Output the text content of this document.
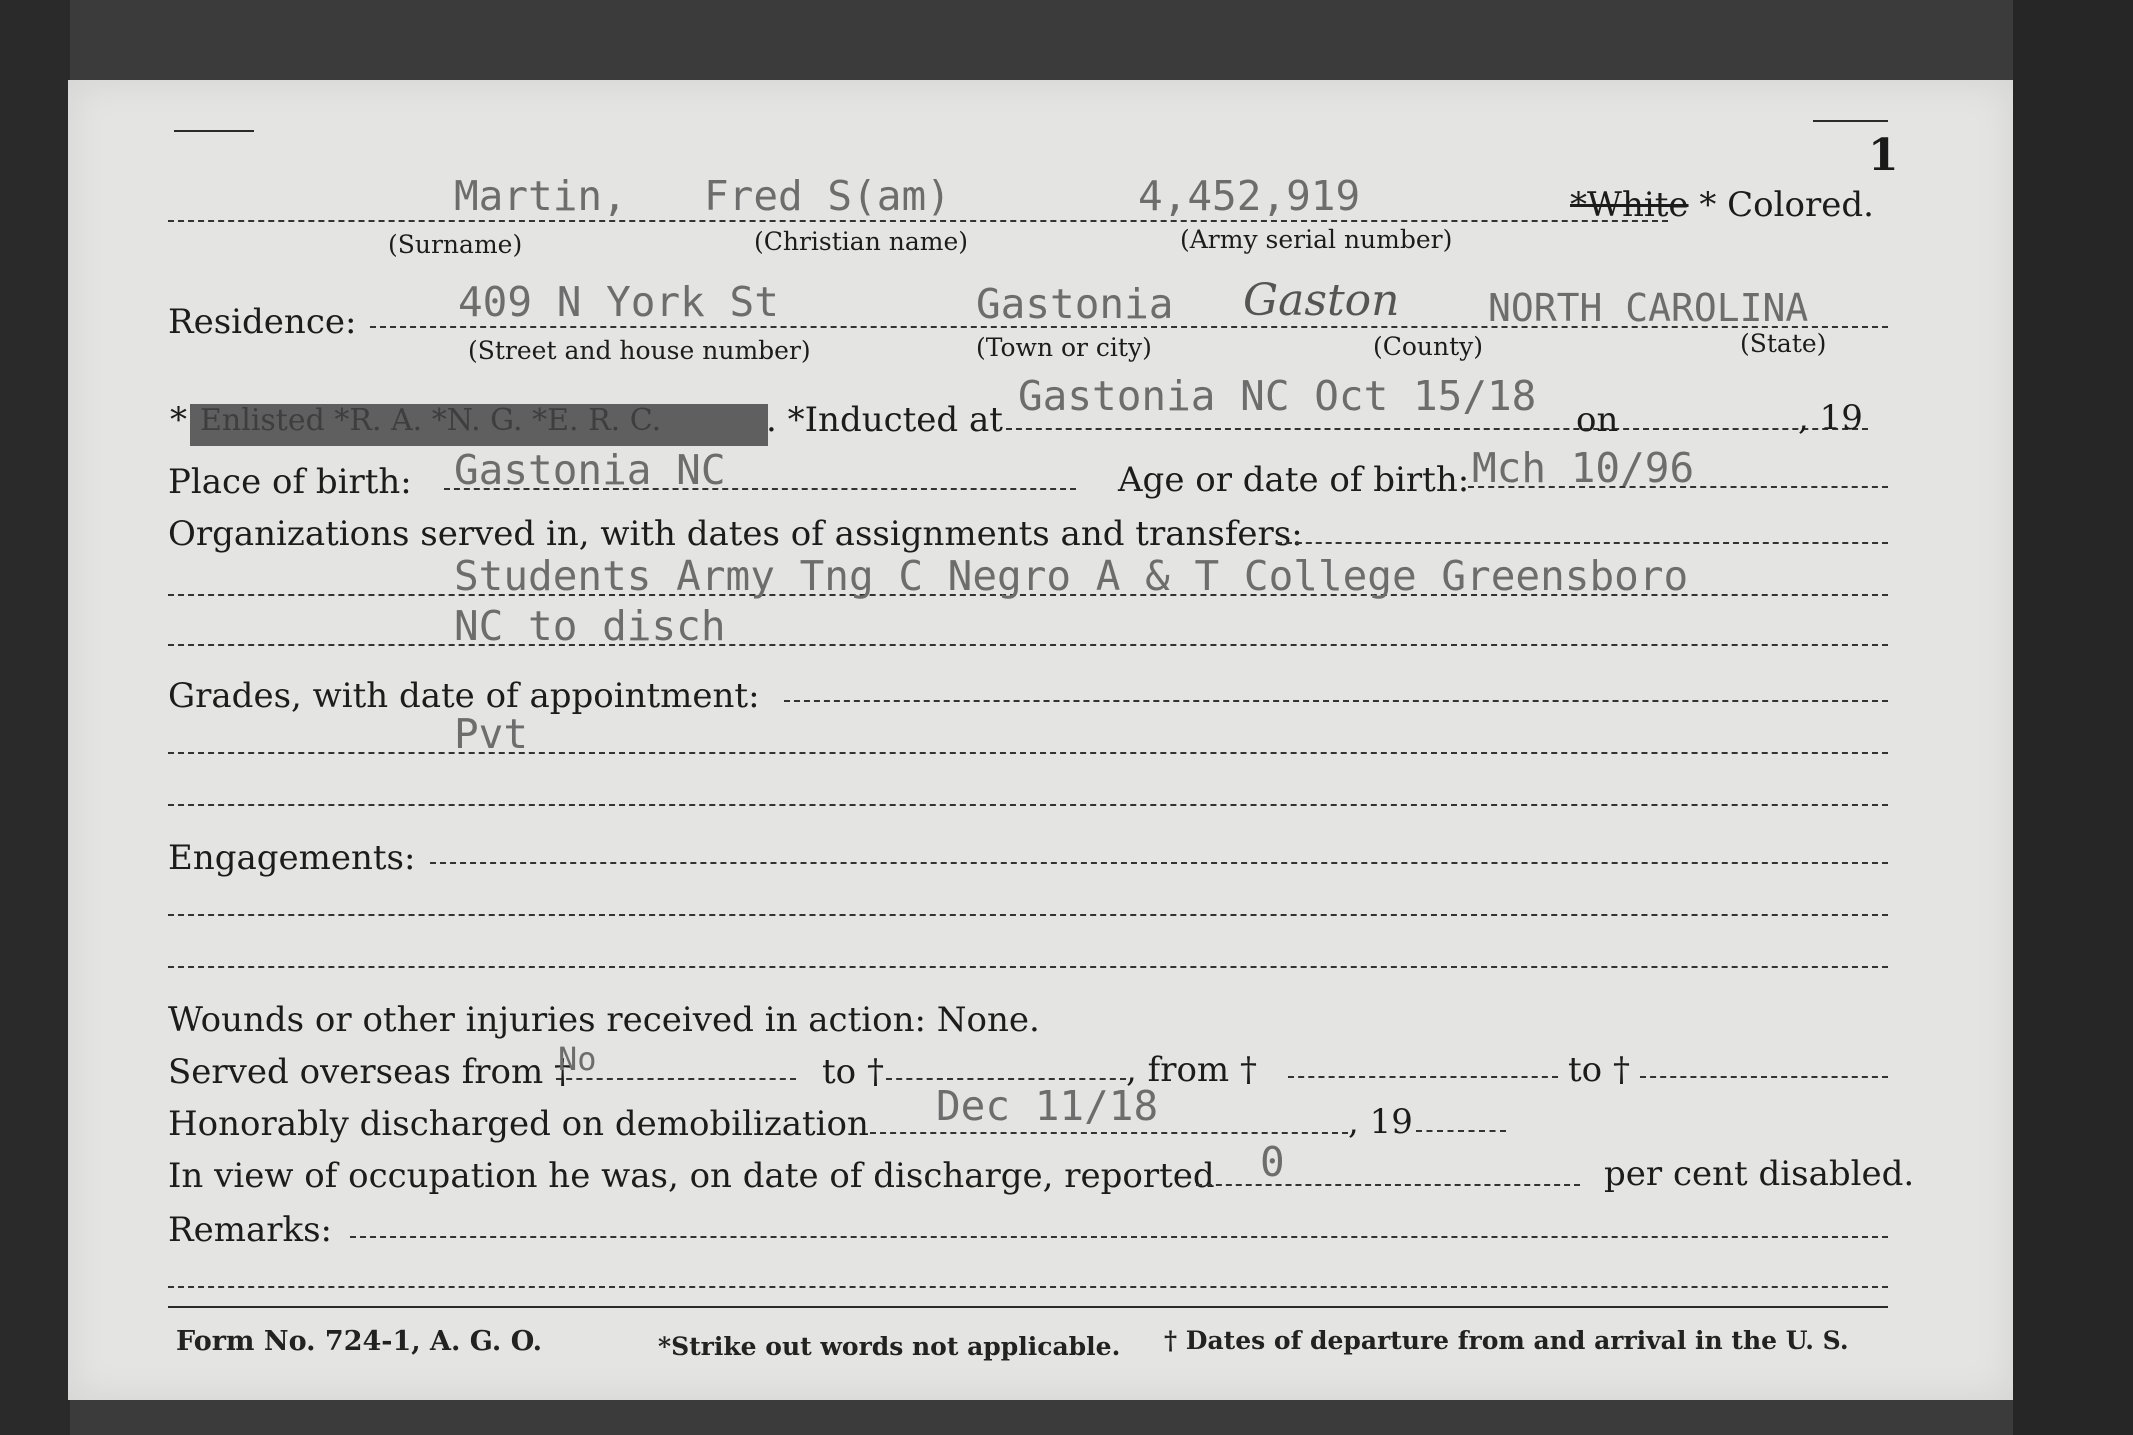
1
Martin, Fred S(am)	4,452,919	*White * Colored.
(Surname)	(Christian name)	(Army serial number)
Residence: 409 N York St	Gastonia Gaston NORTH CAROLINA
(Street and house number)	(Town or city)	(County)	(State)
* Enlisted *R. A. *N. G. *E. R. C.	. *Inducted at Gastonia NC Oct 15/18 on	, 19
Place of birth: Gastonia NC	Age or date of birth: Mch 10/96
Organizations served in, with dates of assignments and transfers:
Students Army Tng C Negro A & T College Greensboro
NC to disch
Grades, with date of appointment:
Pvt
Engagements:
Wounds or other injuries received in action: None.
Served overseas from †
No	to †	, from †	to †
Honorably discharged on demobilization Dec 11/18	, 19
In view of occupation he was, on date of discharge, reported 0	per cent disabled.
Remarks:
Form No. 724-1, A. G. O.	*Strike out words not applicable. † Dates of departure from and arrival in the U. S.
